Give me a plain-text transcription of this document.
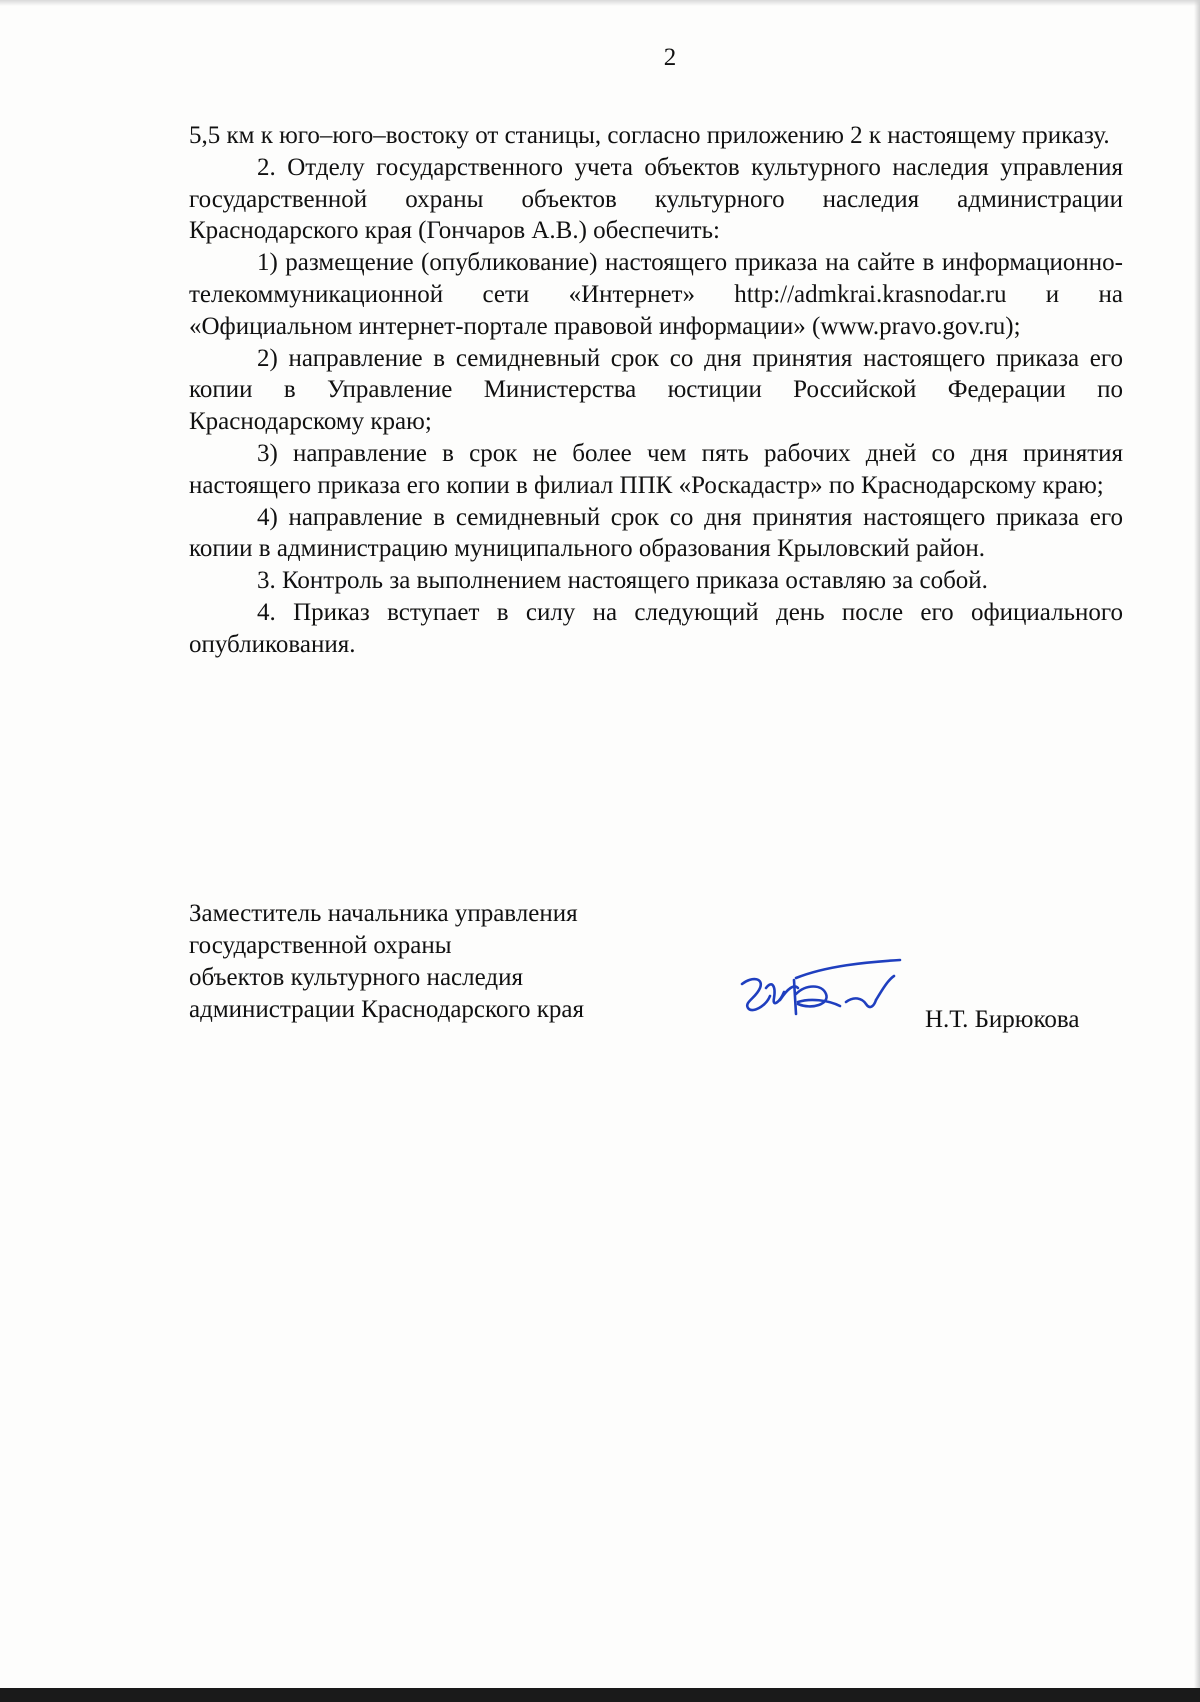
2

5,5 км к юго–юго–востоку от станицы, согласно приложению 2 к настоящему приказу.

2. Отделу государственного учета объектов культурного наследия управления государственной охраны объектов культурного наследия администрации Краснодарского края (Гончаров А.В.) обеспечить:

1) размещение (опубликование) настоящего приказа на сайте в информационно-телекоммуникационной сети «Интернет» http://admkrai.krasnodar.ru и на «Официальном интернет-портале правовой информации» (www.pravo.gov.ru);

2) направление в семидневный срок со дня принятия настоящего приказа его копии в Управление Министерства юстиции Российской Федерации по Краснодарскому краю;

3) направление в срок не более чем пять рабочих дней со дня принятия настоящего приказа его копии в филиал ППК «Роскадастр» по Краснодарскому краю;

4) направление в семидневный срок со дня принятия настоящего приказа его копии в администрацию муниципального образования Крыловский район.

3. Контроль за выполнением настоящего приказа оставляю за собой.

4. Приказ вступает в силу на следующий день после его официального опубликования.

Заместитель начальника управления
государственной охраны
объектов культурного наследия
администрации Краснодарского края	Н.Т. Бирюкова
